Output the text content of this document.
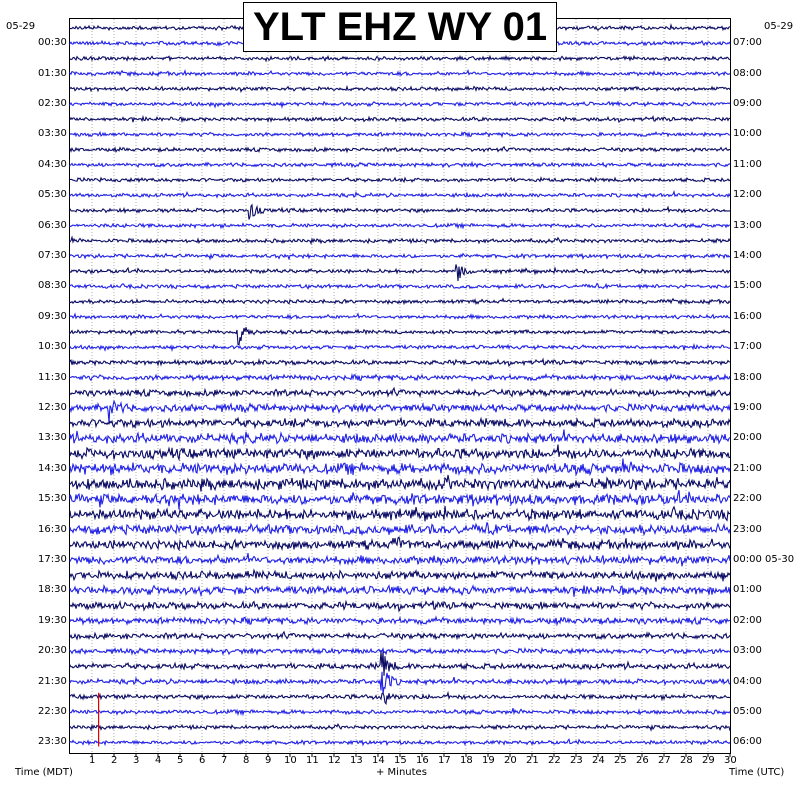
YLT EHZ WY 01
05-29	05-29
00:30
01:30
02:30
03:30
04:30
05:30
06:30
07:30
08:30
09:30
10:30
11:30
12:30
13:30
14:30
15:30
16:30
17:30
18:30
19:30
20:30
21:30
22:30
23:30
07:00
08:00
09:00
10:00
11:00
12:00
13:00
14:00
15:00
16:00
17:00
18:00
19:00
20:00
21:00
22:00
23:00
00:00 05-30
01:00
02:00
03:00
04:00
05:00
06:00
1 2 3 4 5 6 7 8 9 10 11 12 13 14 15 16 17 18 19 20 21 22 23 24 25 26 27 28 29 30
Time (MDT)	+ Minutes	Time (UTC)
